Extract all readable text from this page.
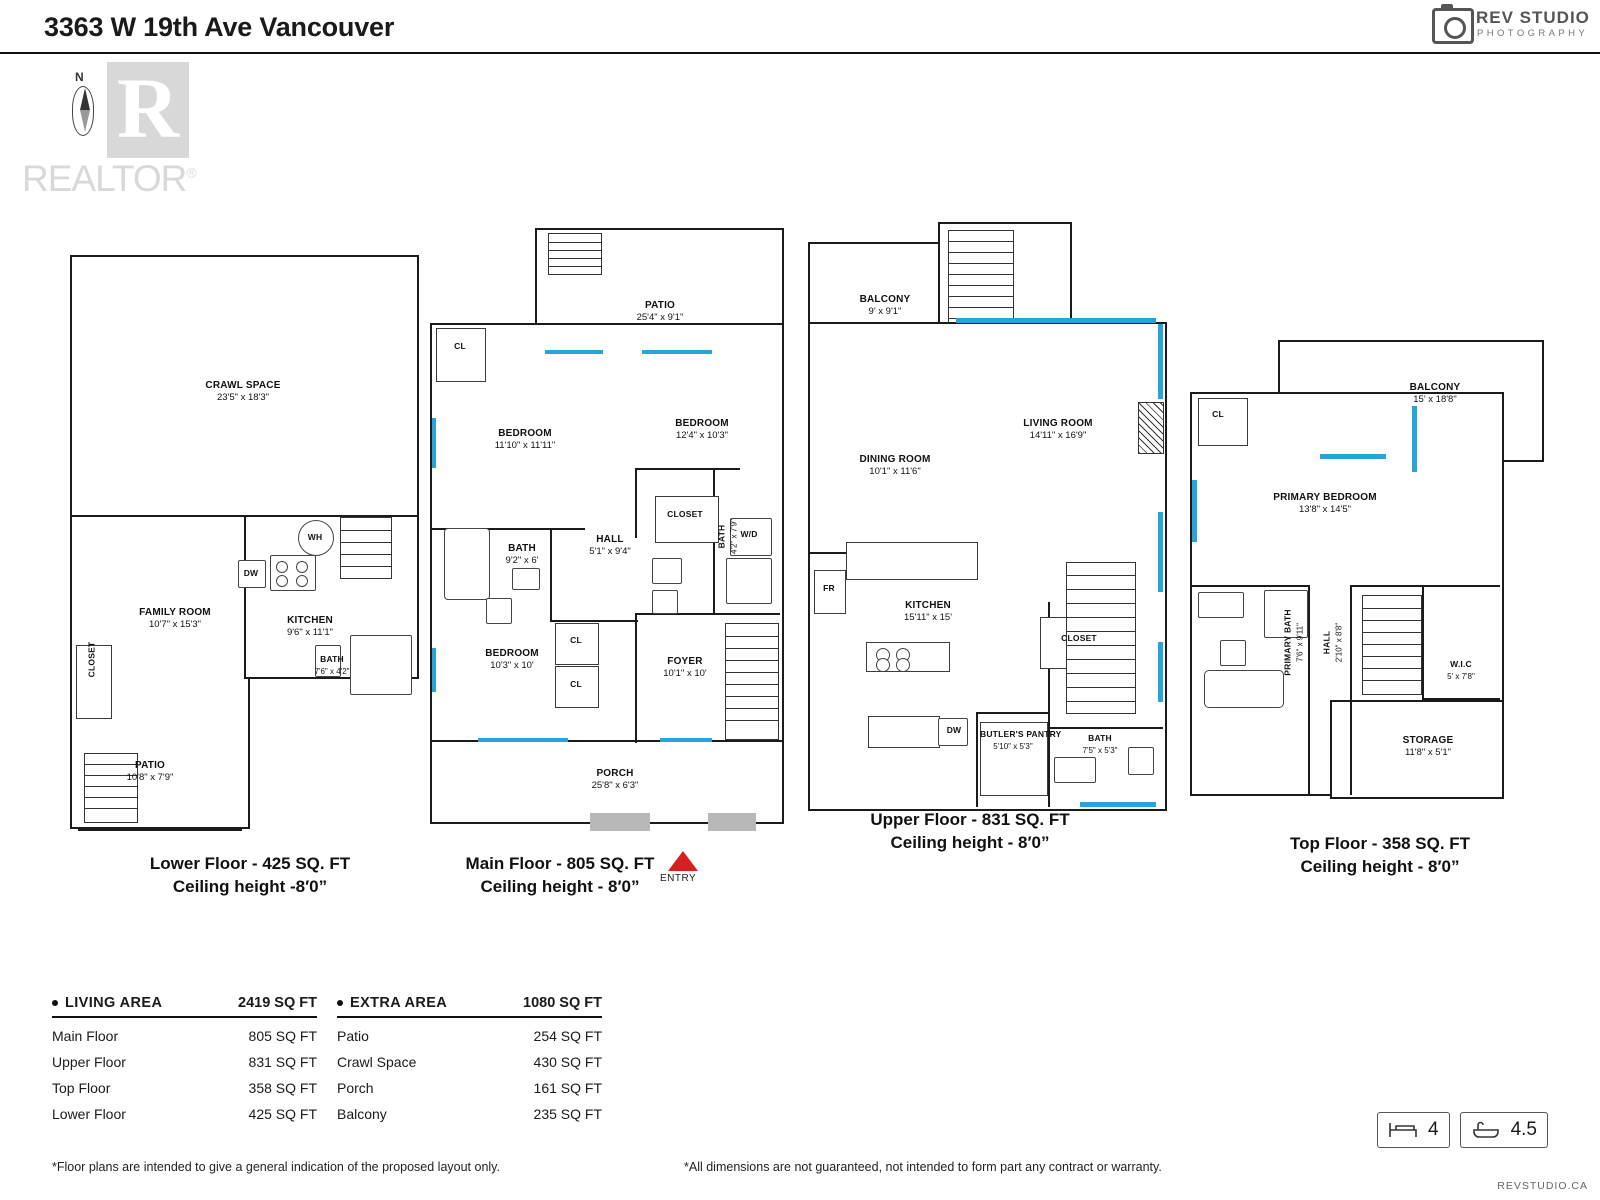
3363 W 19th Ave Vancouver	REV STUDIO
PHOTOGRAPHY
R
REALTOR®
N
CRAWL SPACE
23'5" x 18'3"
FAMILY ROOM
10'7" x 15'3"	KITCHEN
9'6" x 11'1"
BATH
7'6" x 4'2"
CLOSET
PATIO
10'8" x 7'9"
WH
DW
Lower Floor - 425 SQ. FT
Ceiling height -8′0”
PATIO
25'4" x 9'1"
CL
BEDROOM
11'10" x 11'11"
BEDROOM
12'4" x 10'3"
CLOSET
BATH
9'2" x 6'
HALL
5'1" x 9'4"
W/D
BATH 4'2" x 7'9"
BEDROOM
10'3" x 10'
CL
CL
FOYER
10'1" x 10'
PORCH
25'8" x 6'3"
Main Floor - 805 SQ. FT
Ceiling height - 8′0”	ENTRY
BALCONY
9' x 9'1"
LIVING ROOM
14'11" x 16'9"
DINING ROOM
10'1" x 11'6"
KITCHEN
15'11" x 15'
CLOSET
BUTLER'S PANTRY
5'10" x 5'3"
BATH
7'5" x 5'3"
FR
DW
Upper Floor - 831 SQ. FT
Ceiling height - 8′0”
BALCONY
15' x 18'8"
PRIMARY BEDROOM
13'8" x 14'5"
CL
PRIMARY BATH 7'6" x 9'11" HALL 2'10" x 8'8"
W.I.C
5' x 7'8"
STORAGE
11'8" x 5'1"
Top Floor - 358 SQ. FT
Ceiling height - 8′0”
LIVING AREA	2419 SQ FT
Main Floor	805 SQ FT
Upper Floor	831 SQ FT
Top Floor	358 SQ FT
Lower Floor	425 SQ FT
EXTRA AREA	1080 SQ FT
Patio	254 SQ FT
Crawl Space	430 SQ FT
Porch	161 SQ FT
Balcony	235 SQ FT
4	4.5
*Floor plans are intended to give a general indication of the proposed layout only.	*All dimensions are not guaranteed, not intended to form part any contract or warranty.
REVSTUDIO.CA
